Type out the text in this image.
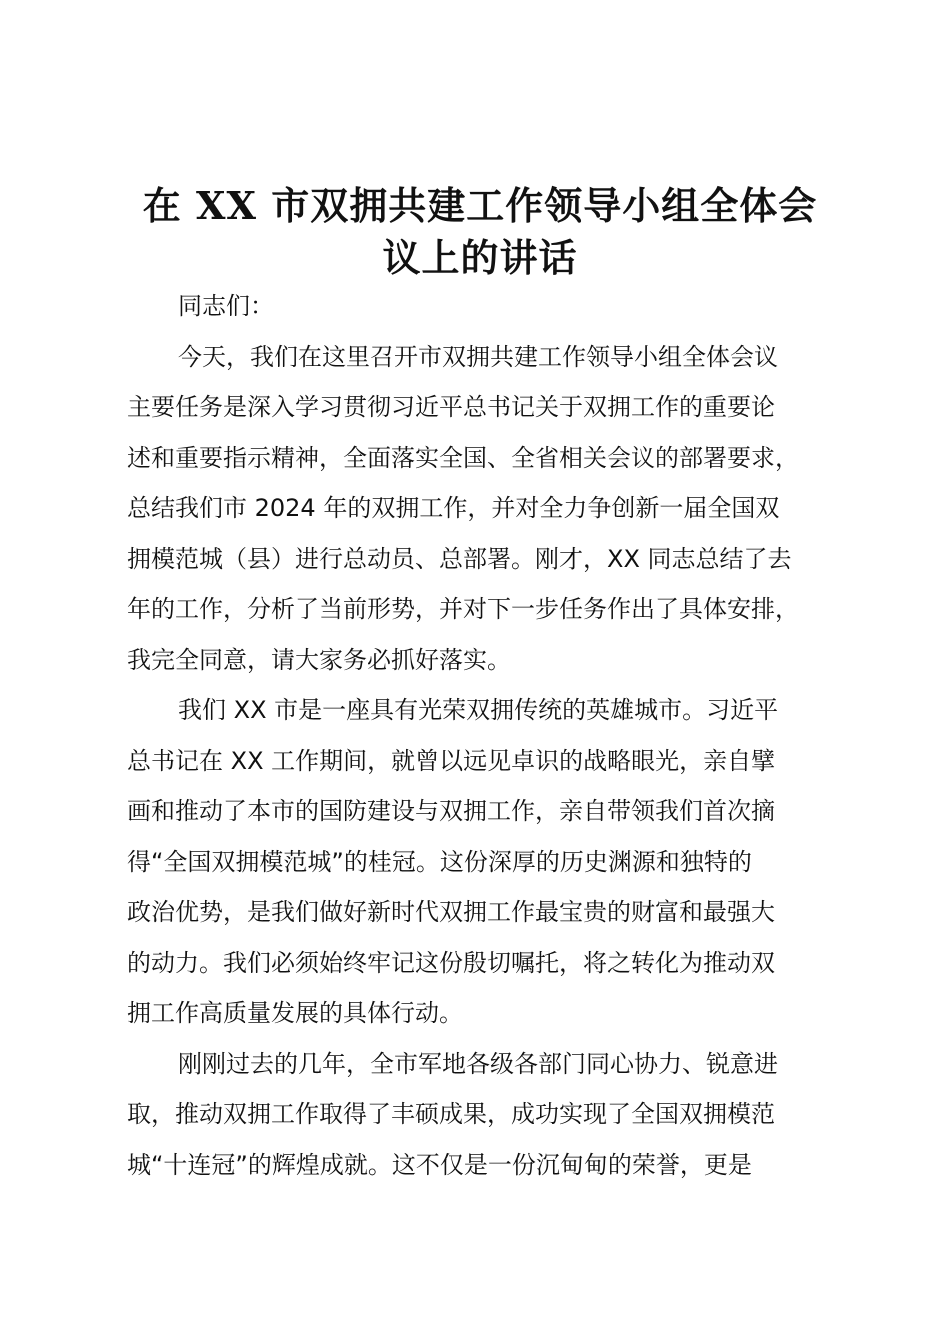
在 XX 市双拥共建工作领导小组全体会
议上的讲话
同志们：
今天，我们在这里召开市双拥共建工作领导小组全体会议
主要任务是深入学习贯彻习近平总书记关于双拥工作的重要论
述和重要指示精神，全面落实全国、全省相关会议的部署要求，
总结我们市 2024 年的双拥工作，并对全力争创新一届全国双
拥模范城（县）进行总动员、总部署。刚才，XX 同志总结了去
年的工作，分析了当前形势，并对下一步任务作出了具体安排，
我完全同意，请大家务必抓好落实。
我们 XX 市是一座具有光荣双拥传统的英雄城市。习近平
总书记在 XX 工作期间，就曾以远见卓识的战略眼光，亲自擘
画和推动了本市的国防建设与双拥工作，亲自带领我们首次摘
得“全国双拥模范城”的桂冠。这份深厚的历史渊源和独特的
政治优势，是我们做好新时代双拥工作最宝贵的财富和最强大
的动力。我们必须始终牢记这份殷切嘱托，将之转化为推动双
拥工作高质量发展的具体行动。
刚刚过去的几年，全市军地各级各部门同心协力、锐意进
取，推动双拥工作取得了丰硕成果，成功实现了全国双拥模范
城“十连冠”的辉煌成就。这不仅是一份沉甸甸的荣誉，更是
